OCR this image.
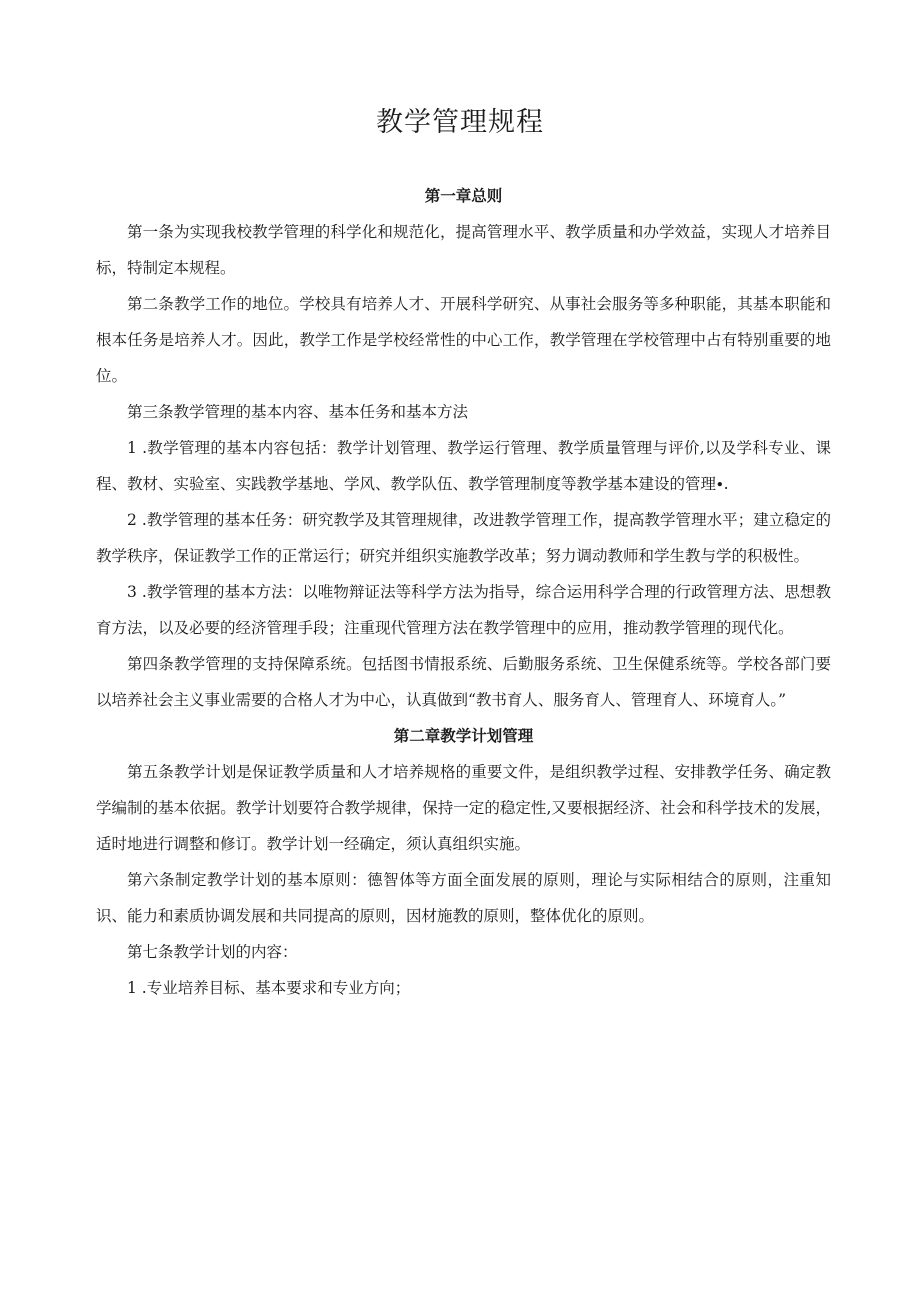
教学管理规程

第一章总则

第一条为实现我校教学管理的科学化和规范化，提高管理水平、教学质量和办学效益，实现人才培养目标，特制定本规程。

第二条教学工作的地位。学校具有培养人才、开展科学研究、从事社会服务等多种职能，其基本职能和根本任务是培养人才。因此，教学工作是学校经常性的中心工作，教学管理在学校管理中占有特别重要的地位。

第三条教学管理的基本内容、基本任务和基本方法

1 .教学管理的基本内容包括：教学计划管理、教学运行管理、教学质量管理与评价,以及学科专业、课程、教材、实验室、实践教学基地、学风、教学队伍、教学管理制度等教学基本建设的管理∙.

2 .教学管理的基本任务：研究教学及其管理规律，改进教学管理工作，提高教学管理水平；建立稳定的教学秩序，保证教学工作的正常运行；研究并组织实施教学改革；努力调动教师和学生教与学的积极性。

3 .教学管理的基本方法：以唯物辩证法等科学方法为指导，综合运用科学合理的行政管理方法、思想教育方法，以及必要的经济管理手段；注重现代管理方法在教学管理中的应用，推动教学管理的现代化。

第四条教学管理的支持保障系统。包括图书情报系统、后勤服务系统、卫生保健系统等。学校各部门要以培养社会主义事业需要的合格人才为中心，认真做到“教书育人、服务育人、管理育人、环境育人。”

第二章教学计划管理

第五条教学计划是保证教学质量和人才培养规格的重要文件，是组织教学过程、安排教学任务、确定教学编制的基本依据。教学计划要符合教学规律，保持一定的稳定性,又要根据经济、社会和科学技术的发展，适时地进行调整和修订。教学计划一经确定，须认真组织实施。

第六条制定教学计划的基本原则：德智体等方面全面发展的原则，理论与实际相结合的原则，注重知识、能力和素质协调发展和共同提高的原则，因材施教的原则，整体优化的原则。

第七条教学计划的内容：

1 .专业培养目标、基本要求和专业方向；
